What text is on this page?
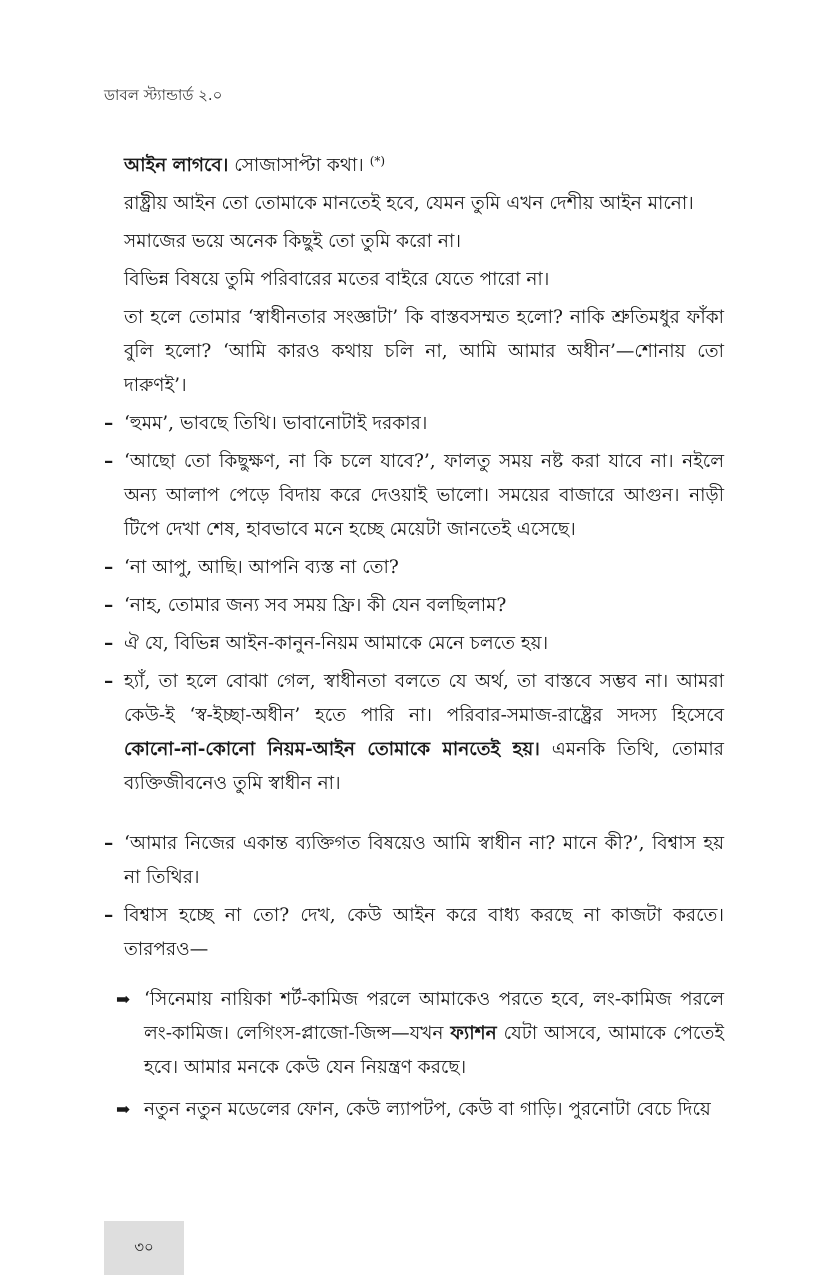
ডাবল স্ট্যান্ডার্ড ২.০

আইন লাগবে। সোজাসাপ্টা কথা। (*)

রাষ্ট্রীয় আইন তো তোমাকে মানতেই হবে, যেমন তুমি এখন দেশীয় আইন মানো।

সমাজের ভয়ে অনেক কিছুই তো তুমি করো না।

বিভিন্ন বিষয়ে তুমি পরিবারের মতের বাইরে যেতে পারো না।

তা হলে তোমার ‘স্বাধীনতার সংজ্ঞাটা’ কি বাস্তবসম্মত হলো? নাকি শ্রুতিমধুর ফাঁকা বুলি হলো? ‘আমি কারও কথায় চলি না, আমি আমার অধীন’—শোনায় তো দারুণই’।

– ‘হুমম’, ভাবছে তিথি। ভাবানোটাই দরকার।

– ‘আছো তো কিছুক্ষণ, না কি চলে যাবে?’, ফালতু সময় নষ্ট করা যাবে না। নইলে অন্য আলাপ পেড়ে বিদায় করে দেওয়াই ভালো। সময়ের বাজারে আগুন। নাড়ী টিপে দেখা শেষ, হাবভাবে মনে হচ্ছে মেয়েটা জানতেই এসেছে।

– ‘না আপু, আছি। আপনি ব্যস্ত না তো?

– ‘নাহ, তোমার জন্য সব সময় ফ্রি। কী যেন বলছিলাম?

– ঐ যে, বিভিন্ন আইন-কানুন-নিয়ম আমাকে মেনে চলতে হয়।

– হ্যাঁ, তা হলে বোঝা গেল, স্বাধীনতা বলতে যে অর্থ, তা বাস্তবে সম্ভব না। আমরা কেউ-ই ‘স্ব-ইচ্ছা-অধীন’ হতে পারি না। পরিবার-সমাজ-রাষ্ট্রের সদস্য হিসেবে কোনো-না-কোনো নিয়ম-আইন তোমাকে মানতেই হয়। এমনকি তিথি, তোমার ব্যক্তিজীবনেও তুমি স্বাধীন না।

– ‘আমার নিজের একান্ত ব্যক্তিগত বিষয়েও আমি স্বাধীন না? মানে কী?’, বিশ্বাস হয় না তিথির।

– বিশ্বাস হচ্ছে না তো? দেখ, কেউ আইন করে বাধ্য করছে না কাজটা করতে। তারপরও—

➡ ‘সিনেমায় নায়িকা শর্ট-কামিজ পরলে আমাকেও পরতে হবে, লং-কামিজ পরলে লং-কামিজ। লেগিংস-প্লাজো-জিন্স—যখন ফ্যাশন যেটা আসবে, আমাকে পেতেই হবে। আমার মনকে কেউ যেন নিয়ন্ত্রণ করছে।

➡ নতুন নতুন মডেলের ফোন, কেউ ল্যাপটপ, কেউ বা গাড়ি। পুরনোটা বেচে দিয়ে

৩০
